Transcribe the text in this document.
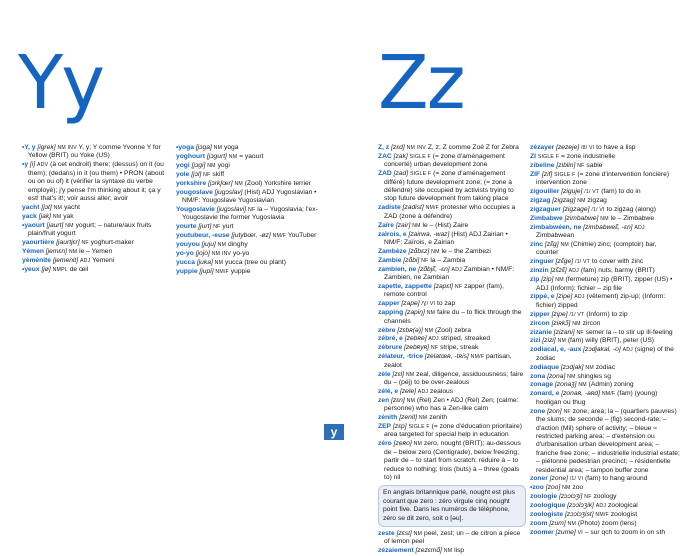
Yy	Zz
•Y, y [igrek] NM INV Y, y; Y comme Yvonne Y for Yellow (BRIT) ou Yoke (US)
•y [i] ADV (à cet endroit) there; (dessus) on it (ou them); (dedans) in it (ou them) • PRON (about ou on ou of) it (vérifier la syntaxe du verbe employé); j'y pense I'm thinking about it; ça y est! that's it!; voir aussi aller; avoir
yacht [jɔt] NM yacht
yack [jak] NM yak
•yaourt [jaurt] NM yogurt; – nature/aux fruits plain/fruit yogurt
yaourtière [jaurtjɛr] NF yoghurt-maker
Yémen [jemɛn] NM le – Yemen
yéménite [jemenit] ADJ Yemeni
•yeux [jø] NMPL de œil
•yoga [jɔga] NM yoga
yoghourt [jɔgurt] NM = yaourt
yogi [jɔgi] NM yogi
yole [jɔl] NF skiff
yorkshire [jɔrkʃœr] NM (Zool) Yorkshire terrier
yougoslave [jugɔslav] (Hist) ADJ Yugoslavian • NM/F: Yougoslave Yugoslavian
Yougoslavie [jugɔslavi] NF la – Yugoslavia; l'ex-Yougoslavie the former Yugoslavia
yourte [jurt] NF yurt
youtubeur, -euse [jutybœr, -øz] NM/F YouTuber
youyou [juju] NM dinghy
yo-yo [jojo] NM INV yo-yo
yucca [juka] NM yucca (tree ou plant)
yuppie [jupi] NM/F yuppie
Z, z [zɛd] NM INV Z, z; Z comme Zoé Z for Zebra
ZAC [zak] SIGLE F (= zone d'aménagement concerté) urban development zone
ZAD [zad] SIGLE F (= zone d'aménagement différé) future development zone; (= zone à défendre) site occupied by activists trying to stop future development from taking place
zadiste [zadist] NM/F protester who occupies a ZAD (zone à défendre)
Zaïre [zair] NM le – (Hist) Zaire
zaïrois, e [zairwa, -waz] (Hist) ADJ Zairian • NM/F: Zaïrois, e Zairian
Zambèze [zɑ̃bɛz] NM le – the Zambezi
Zambie [zɑ̃bi] NF la – Zambia
zambien, ne [zɑ̃bjɛ̃, -ɛn] ADJ Zambian • NM/F: Zambien, ne Zambian
zapette, zappette [zapɛt] NF zapper (fam), remote control
zapper [zape] /Ɣ/ VI to zap
zapping [zapiŋ] NM faire du – to flick through the channels
zèbre [zɛbʀ(ə)] NM (Zool) zebra
zébré, e [zebʀe] ADJ striped, streaked
zébrure [zebʀyʀ] NF stripe, streak
zélateur, -trice [zelatœʀ, -tʀis] NM/F partisan, zealot
zèle [zɛl] NM zeal, diligence, assiduousness; faire du – (péj) to be over-zealous
zélé, e [zele] ADJ zealous
zen [zɛn] NM (Rel) Zen • ADJ (Rel) Zen; (calme: personne) who has a Zen-like calm
zénith [zenit] NM zenith
ZEP [zɛp] SIGLE F (= zone d'éducation prioritaire) area targeted for special help in education
zéro [zeʀo] NM zero, nought (BRIT); au-dessous de – below zero (Centigrade), below freezing; partir de – to start from scratch; réduire à – to reduce to nothing; trois (buts) à – three (goals to) nil
En anglais britannique parlé, nought est plus courant que zero : zéro virgule cinq nought point five. Dans les numéros de téléphone, zéro se dit zero, soit o [əu].
zeste [zɛst] NM peel, zest; un – de citron a piece of lemon peel
zézaiement [zezɛmɑ̃] NM lisp
zézayer [zezeje] /8/ VI to have a lisp
ZI SIGLE F = zone industrielle
zibeline [ziblin] NF sable
ZIF [zif] SIGLE F (= zone d'intervention foncière) intervention zone
zigouiller [ziguje] /1/ VT (fam) to do in
zigzag [zigzag] NM zigzag
zigzaguer [zigzage] /1/ VI to zigzag (along)
Zimbabwe [zimbabwe] NM le – Zimbabwe
zimbabwéen, ne [zimbabweɛ̃, -ɛn] ADJ Zimbabwean
zinc [zɛ̃g] NM (Chimie) zinc; (comptoir) bar, counter
zinguer [zɛ̃ge] /1/ VT to cover with zinc
zinzin [zɛ̃zɛ̃] ADJ (fam) nuts, barmy (BRIT)
zip [zip] NM (fermeture) zip (BRIT), zipper (US) • ADJ (Inform): fichier – zip file
zippé, e [zipe] ADJ (vêtement) zip-up; (Inform: fichier) zipped
zipper [zipe] /1/ VT (Inform) to zip
zircon [ziʀkɔ̃] NM zircon
zizanie [zizani] NF semer la – to stir up ill-feeling
zizi [zizi] NM (fam) willy (BRIT), peter (US)
zodiacal, e, -aux [zɔdjakal, -o] ADJ (signe) of the zodiac
zodiaque [zɔdjak] NM zodiac
zona [zona] NM shingles sg
zonage [zonaʒ] NM (Admin) zoning
zonard, e [zonaʀ, -aʀd] NM/F (fam) (young) hooligan ou thug
zone [zon] NF zone, area; la – (quartiers pauvres) the slums; de seconde – (fig) second-rate; – d'action (Mil) sphere of activity; – bleue ≈ restricted parking area; – d'extension ou d'urbanisation urban development area; – franche free zone; – industrielle industrial estate; – piétonne pedestrian precinct; – résidentielle residential area; – tampon buffer zone
zoner [zone] /1/ VI (fam) to hang around
•zoo [zoo] NM zoo
zoologie [zɔɔlɔʒi] NF zoology
zoologique [zɔɔlɔʒik] ADJ zoological
zoologiste [zɔɔlɔʒist] NM/F zoologist
zoom [zum] NM (Photo) zoom (lens)
zoomer [zume] VI – sur qch to zoom in on sth
y
